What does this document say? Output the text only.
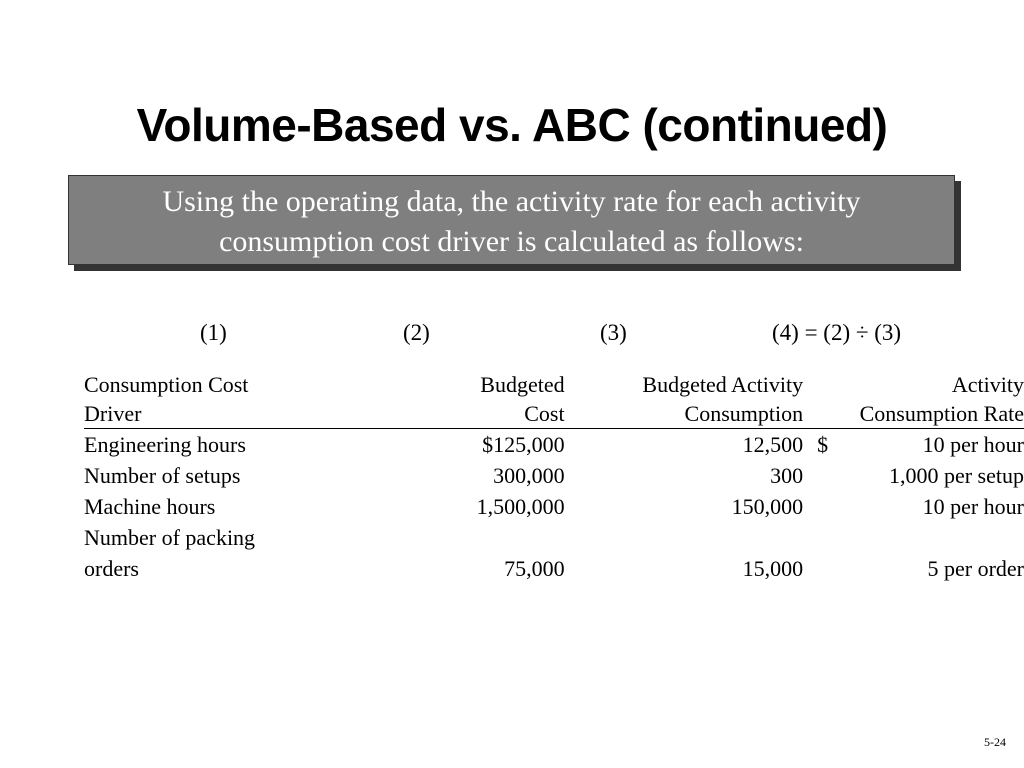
Volume-Based vs. ABC (continued)
Using the operating data, the activity rate for each activity
consumption cost driver is calculated as follows:
(1)	(2)	(3)	(4) = (2) ÷ (3)
Consumption Cost	Budgeted	Budgeted Activity	Activity
Driver	Cost	Consumption	Consumption Rate
Engineering hours	$ 125,000	12,500	$ 10 per hour

Number of setups	300,000	300	1,000 per setup
Machine hours	1,500,000	150,000	10 per hour

Number of packing
orders	75,000	15,000	5 per order
5-24
